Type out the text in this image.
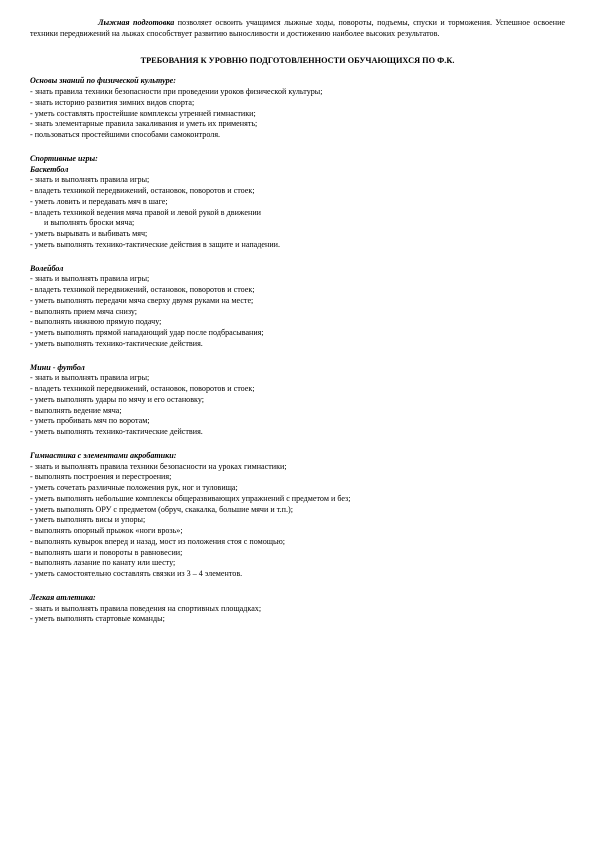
Лыжная подготовка позволяет освоить учащимся лыжные ходы, повороты, подъемы, спуски и торможения. Успешное освоение техники передвижений на лыжах способствует развитию выносливости и достижению наиболее высоких результатов.
ТРЕБОВАНИЯ К УРОВНЮ ПОДГОТОВЛЕННОСТИ ОБУЧАЮЩИХСЯ ПО Ф.К.
Основы знаний по физической культуре:
- знать правила техники безопасности при проведении уроков физической культуры;
- знать историю развития зимних видов спорта;
- уметь составлять простейшие комплексы утренней гимнастики;
- знать элементарные правила закаливания и уметь их применять;
- пользоваться простейшими способами самоконтроля.
Спортивные игры:
Баскетбол
- знать и выполнять правила игры;
- владеть техникой передвижений, остановок, поворотов и стоек;
- уметь ловить и передавать мяч в шаге;
- владеть техникой ведения мяча правой и левой рукой в движении
и выполнять броски мяча;
- уметь вырывать и выбивать мяч;
- уметь выполнять технико-тактические действия в защите и нападении.
Волейбол
- знать и выполнять правила игры;
- владеть техникой передвижений, остановок, поворотов и стоек;
- уметь выполнять передачи мяча сверху двумя руками на месте;
- выполнять прием мяча снизу;
- выполнять нижнюю прямую подачу;
- уметь выполнять прямой нападающий удар после подбрасывания;
- уметь выполнять технико-тактические действия.
Мини - футбол
- знать и выполнять правила игры;
- владеть техникой передвижений, остановок, поворотов и стоек;
- уметь выполнять удары по мячу и его остановку;
- выполнять ведение мяча;
- уметь пробивать мяч по воротам;
- уметь выполнять технико-тактические действия.
Гимнастика с элементами акробатики:
- знать и выполнять правила техники безопасности на уроках гимнастики;
- выполнять построения и перестроения;
- уметь сочетать различные положения рук, ног и туловища;
- уметь выполнять небольшие комплексы общеразвивающих упражнений с предметом и без;
- уметь выполнять ОРУ с предметом (обруч, скакалка, большие мячи и т.п.);
- уметь выполнять висы и упоры;
- выполнять опорный прыжок «ноги врозь»;
- выполнять кувырок вперед и назад, мост из положения стоя с помощью;
- выполнять шаги и повороты в равновесии;
- выполнять лазание по канату или шесту;
- уметь самостоятельно составлять связки из 3 – 4 элементов.
Легкая атлетика:
- знать и выполнять правила поведения на спортивных площадках;
- уметь выполнять стартовые команды;
